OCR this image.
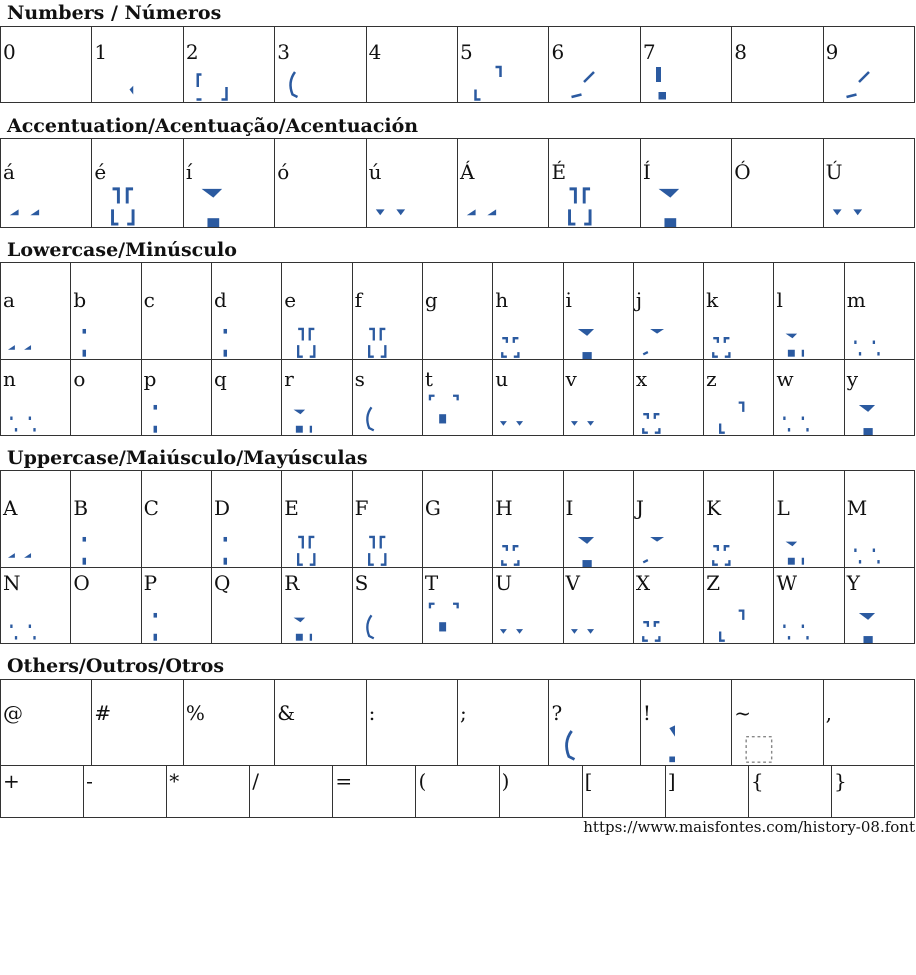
Numbers / Números
Accentuation/Acentuação/Acentuación
Lowercase/Minúsculo
Uppercase/Maiúsculo/Mayúsculas
Others/Outros/Otros
0	1	2	3	4	5	6	7	8	9
á	é	í	ó	ú	Á	É	Í	Ó	Ú
a	b	c	d	e	f	g	h	i	j	k	l	m
n	o	p	q	r	s	t	u	v	x	z	w	y
A	B	C	D	E	F	G	H	I	J	K	L	M
N	O	P	Q	R	S	T	U	V	X	Z	W Y
@	#	%	&	:	;	?	!	~	,
+	-	*	/	=	(	)	[	]	{	}
https://www.maisfontes.com/history-08.font
